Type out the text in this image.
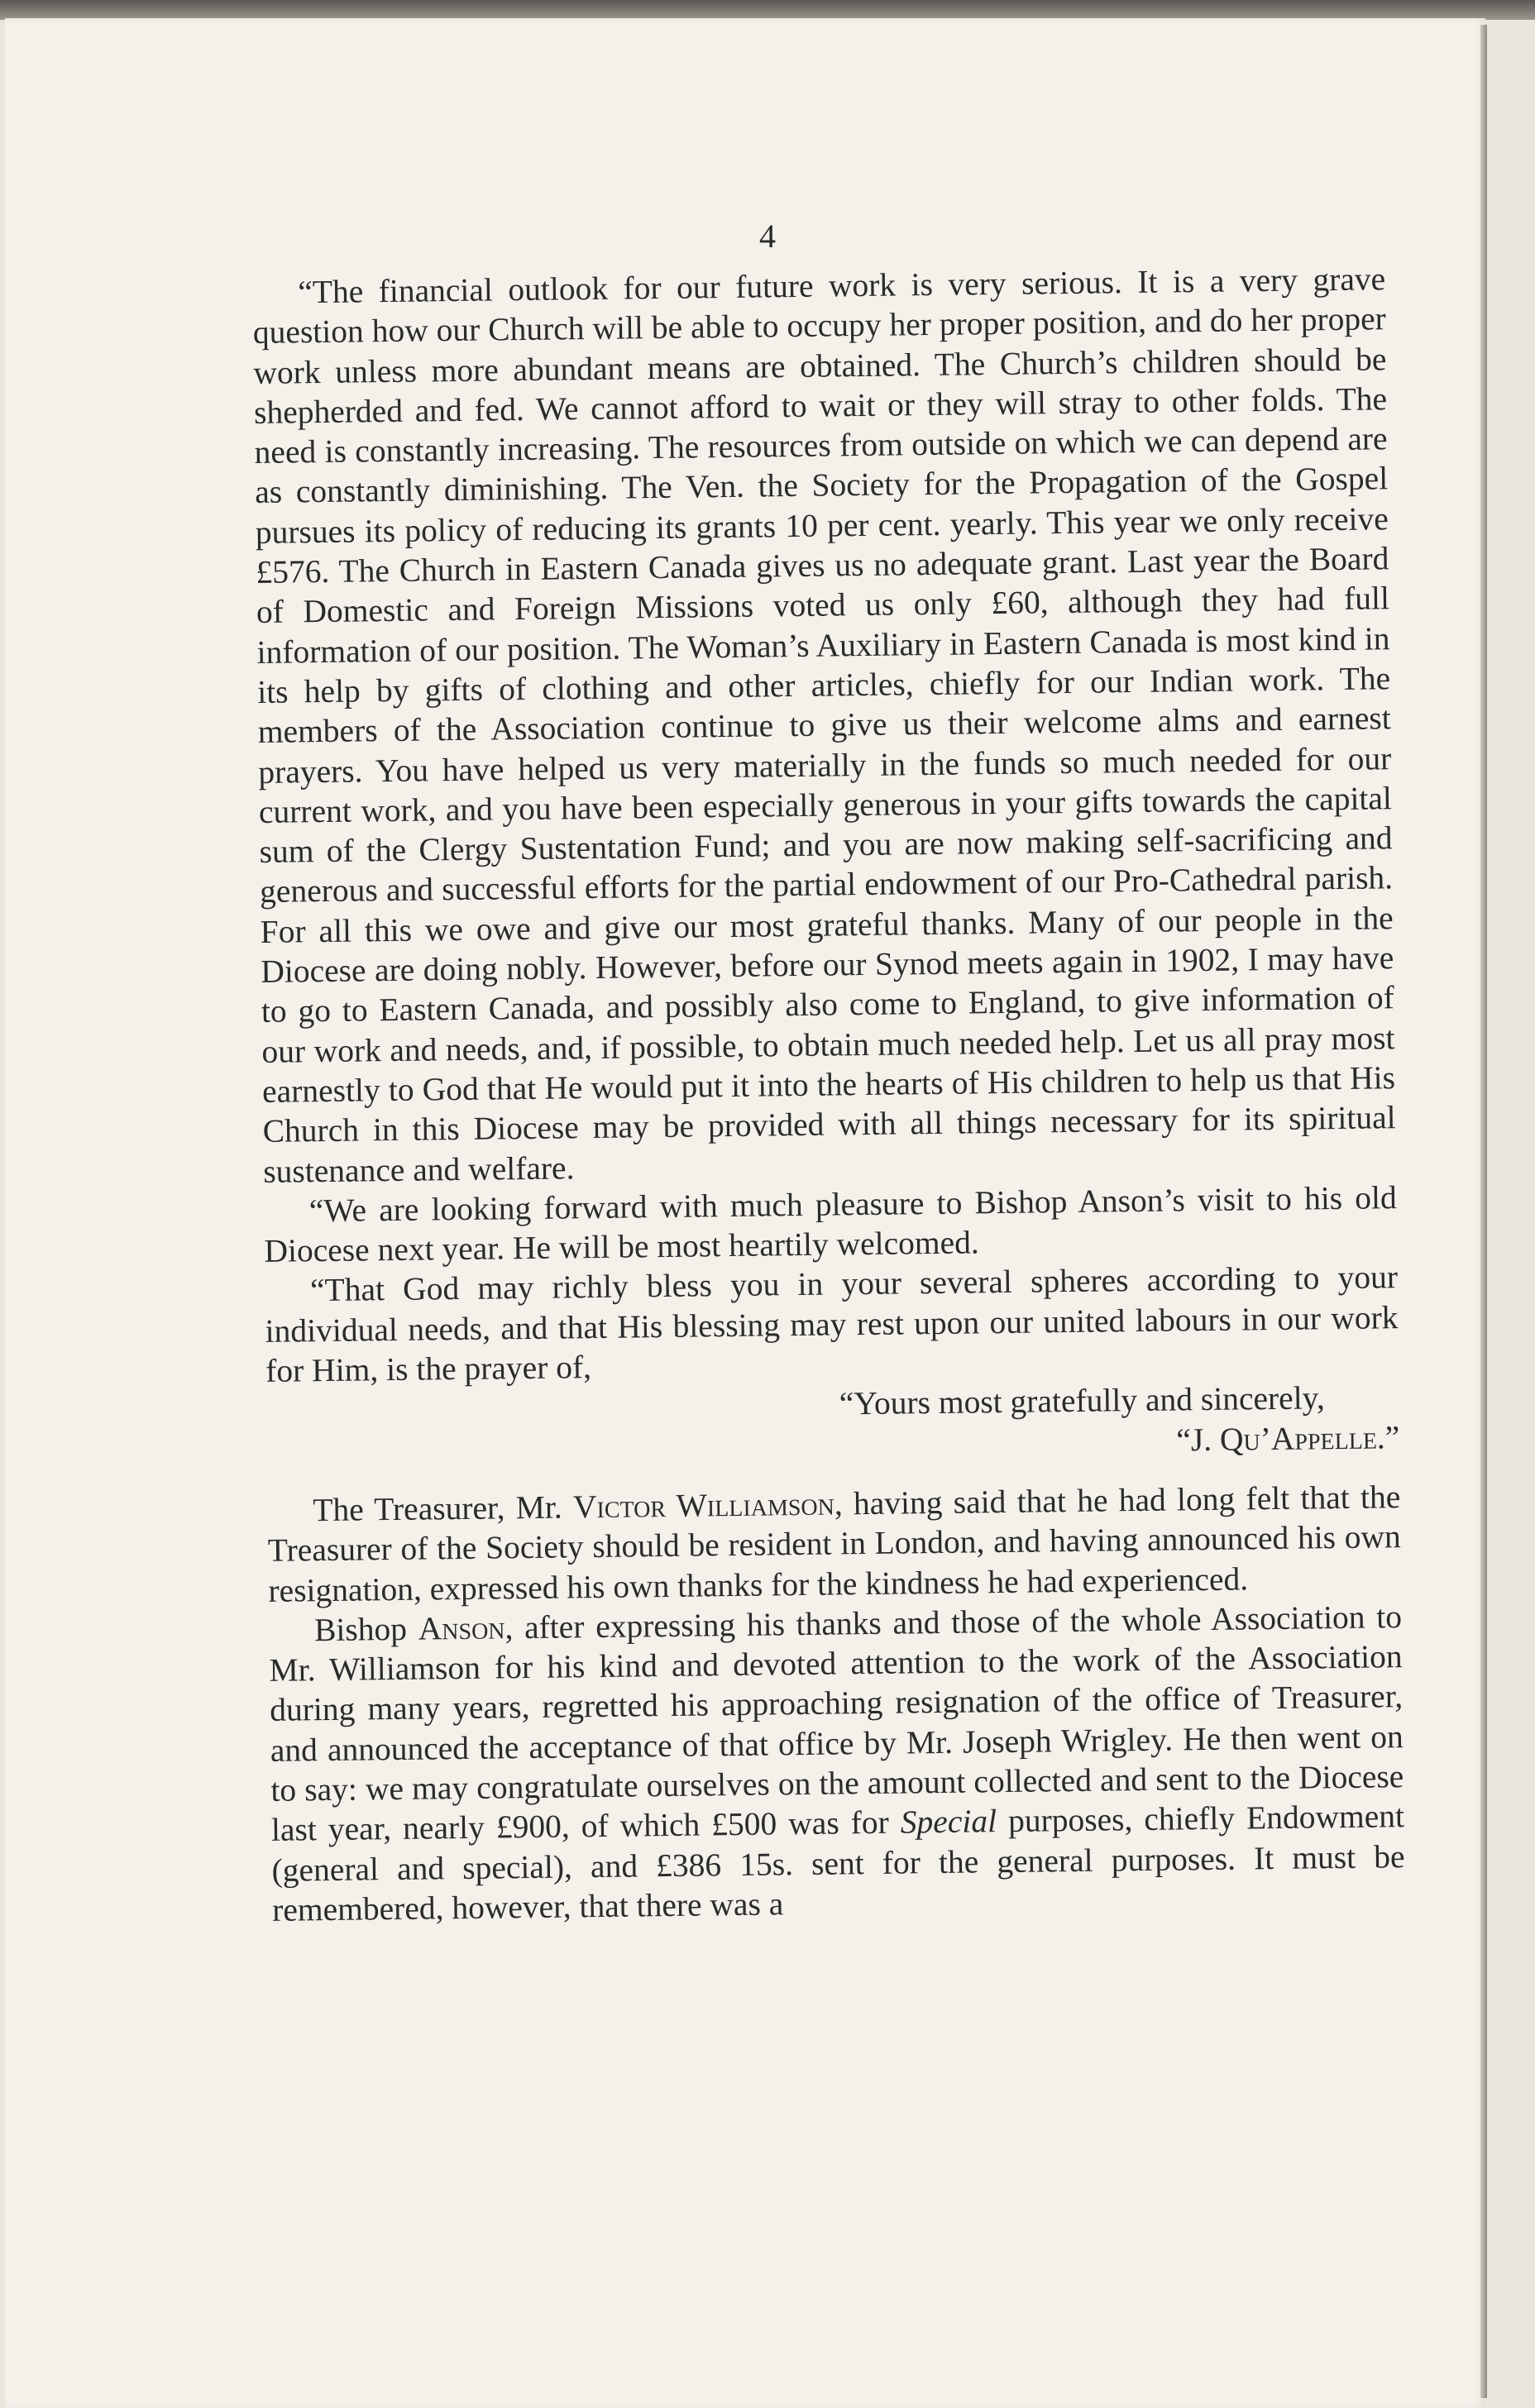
4

“The financial outlook for our future work is very serious. It is a very grave question how our Church will be able to occupy her proper position, and do her proper work unless more abundant means are obtained. The Church’s children should be shepherded and fed. We cannot afford to wait or they will stray to other folds. The need is constantly increasing. The resources from outside on which we can depend are as constantly diminishing. The Ven. the Society for the Propagation of the Gospel pursues its policy of reducing its grants 10 per cent. yearly. This year we only receive £576. The Church in Eastern Canada gives us no adequate grant. Last year the Board of Domestic and Foreign Missions voted us only £60, although they had full information of our position. The Woman’s Auxiliary in Eastern Canada is most kind in its help by gifts of clothing and other articles, chiefly for our Indian work. The members of the Association continue to give us their welcome alms and earnest prayers. You have helped us very materially in the funds so much needed for our current work, and you have been especially generous in your gifts towards the capital sum of the Clergy Sustentation Fund; and you are now making self-sacrificing and generous and successful efforts for the partial endowment of our Pro-Cathedral parish. For all this we owe and give our most grateful thanks. Many of our people in the Diocese are doing nobly. However, before our Synod meets again in 1902, I may have to go to Eastern Canada, and possibly also come to England, to give information of our work and needs, and, if possible, to obtain much needed help. Let us all pray most earnestly to God that He would put it into the hearts of His children to help us that His Church in this Diocese may be provided with all things necessary for its spiritual sustenance and welfare.

“We are looking forward with much pleasure to Bishop Anson’s visit to his old Diocese next year. He will be most heartily welcomed.

“That God may richly bless you in your several spheres according to your individual needs, and that His blessing may rest upon our united labours in our work for Him, is the prayer of,

“Yours most gratefully and sincerely,

“J. Qu’Appelle.”

The Treasurer, Mr. Victor Williamson, having said that he had long felt that the Treasurer of the Society should be resident in London, and having announced his own resignation, expressed his own thanks for the kindness he had experienced.

Bishop Anson, after expressing his thanks and those of the whole Association to Mr. Williamson for his kind and devoted attention to the work of the Association during many years, regretted his approaching resignation of the office of Treasurer, and announced the acceptance of that office by Mr. Joseph Wrigley. He then went on to say: we may congratulate ourselves on the amount collected and sent to the Diocese last year, nearly £900, of which £500 was for Special purposes, chiefly Endowment (general and special), and £386 15s. sent for the general purposes. It must be remembered, however, that there was a
